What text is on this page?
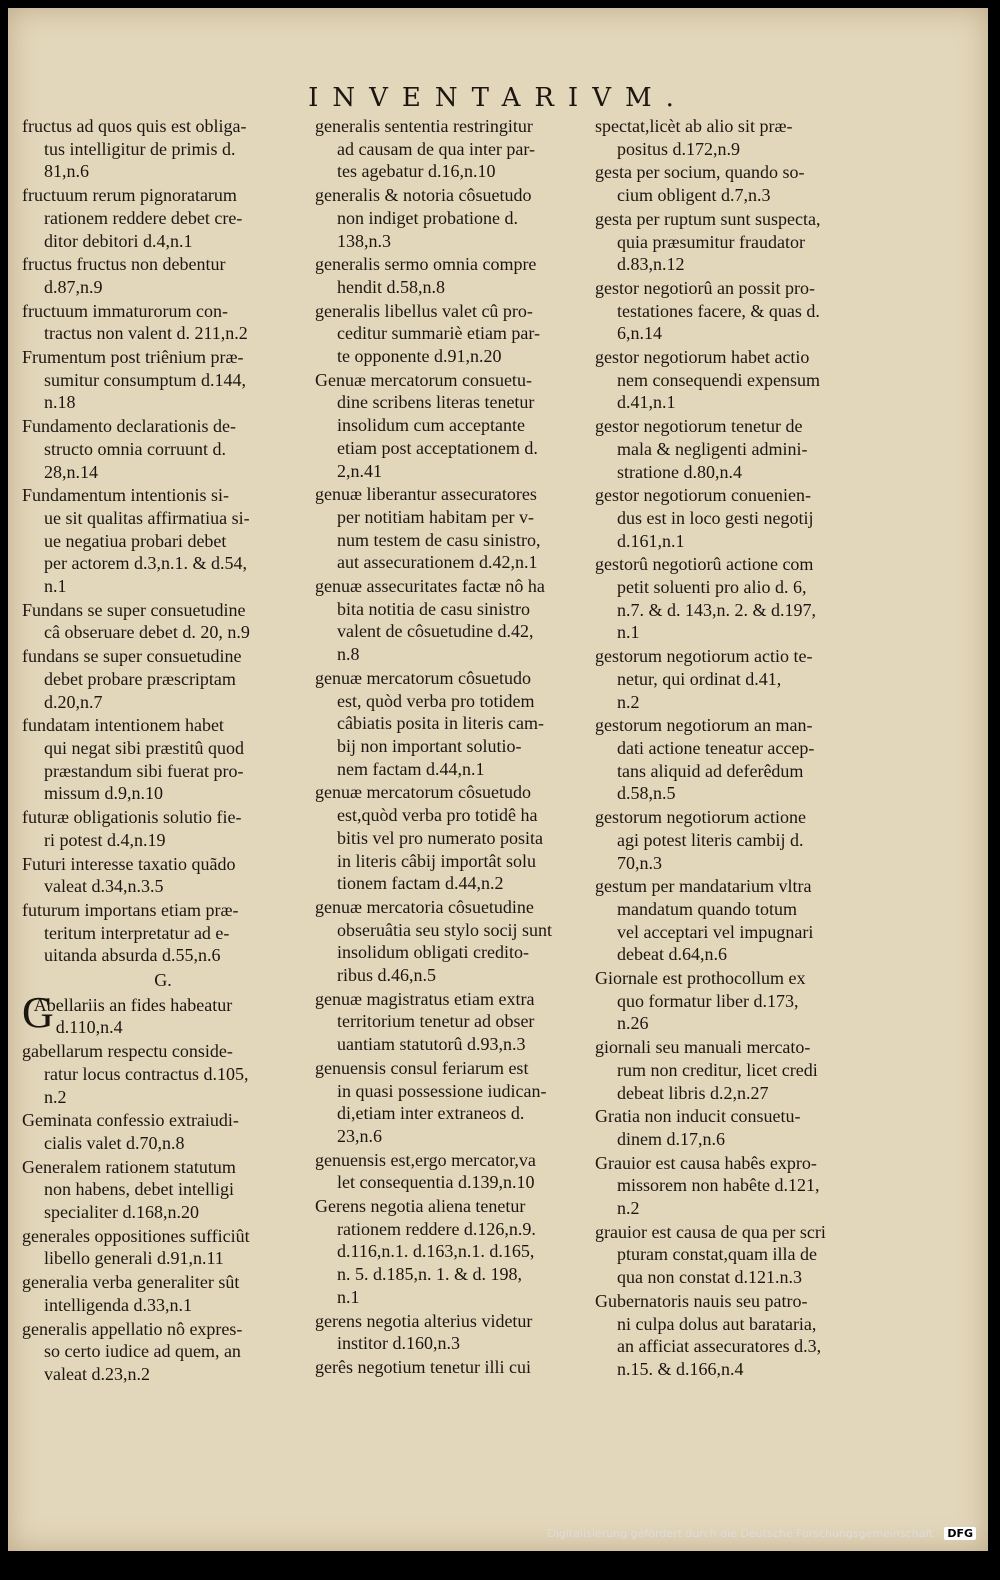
INVENTARIVM.
fructus ad quos quis est obliga-
tus intelligitur de primis d.
81,n.6
fructuum rerum pignoratarum
rationem reddere debet cre-
ditor debitori d.4,n.1
fructus fructus non debentur
d.87,n.9
fructuum immaturorum con-
tractus non valent d. 211,n.2
Frumentum post triênium præ-
sumitur consumptum d.144,
n.18
Fundamento declarationis de-
structo omnia corruunt d.
28,n.14
Fundamentum intentionis si-
ue sit qualitas affirmatiua si-
ue negatiua probari debet
per actorem d.3,n.1. & d.54,
n.1
Fundans se super consuetudine
câ obseruare debet d. 20, n.9
fundans se super consuetudine
debet probare præscriptam
d.20,n.7
fundatam intentionem habet
qui negat sibi præstitû quod
præstandum sibi fuerat pro-
missum d.9,n.10
futuræ obligationis solutio fie-
ri potest d.4,n.19
Futuri interesse taxatio quãdo
valeat d.34,n.3.5
futurum importans etiam præ-
teritum interpretatur ad e-
uitanda absurda d.55,n.6
G.
G
Abellariis an fides habeatur
d.110,n.4
gabellarum respectu conside-
ratur locus contractus d.105,
n.2
Geminata confessio extraiudi-
cialis valet d.70,n.8
Generalem rationem statutum
non habens, debet intelligi
specialiter d.168,n.20
generales oppositiones sufficiût
libello generali d.91,n.11
generalia verba generaliter sût
intelligenda d.33,n.1
generalis appellatio nô expres-
so certo iudice ad quem, an
valeat d.23,n.2
generalis sententia restringitur
ad causam de qua inter par-
tes agebatur d.16,n.10
generalis & notoria côsuetudo
non indiget probatione d.
138,n.3
generalis sermo omnia compre
hendit d.58,n.8
generalis libellus valet cû pro-
ceditur summariè etiam par-
te opponente d.91,n.20
Genuæ mercatorum consuetu-
dine scribens literas tenetur
insolidum cum acceptante
etiam post acceptationem d.
2,n.41
genuæ liberantur assecuratores
per notitiam habitam per v-
num testem de casu sinistro,
aut assecurationem d.42,n.1
genuæ assecuritates factæ nô ha
bita notitia de casu sinistro
valent de côsuetudine d.42,
n.8
genuæ mercatorum côsuetudo
est, quòd verba pro totidem
câbiatis posita in literis cam-
bij non important solutio-
nem factam d.44,n.1
genuæ mercatorum côsuetudo
est,quòd verba pro totidê ha
bitis vel pro numerato posita
in literis câbij importât solu
tionem factam d.44,n.2
genuæ mercatoria côsuetudine
obseruâtia seu stylo socij sunt
insolidum obligati credito-
ribus d.46,n.5
genuæ magistratus etiam extra
territorium tenetur ad obser
uantiam statutorû d.93,n.3
genuensis consul feriarum est
in quasi possessione iudican-
di,etiam inter extraneos d.
23,n.6
genuensis est,ergo mercator,va
let consequentia d.139,n.10
Gerens negotia aliena tenetur
rationem reddere d.126,n.9.
d.116,n.1. d.163,n.1. d.165,
n. 5. d.185,n. 1. & d. 198,
n.1
gerens negotia alterius videtur
institor d.160,n.3
gerês negotium tenetur illi cui
spectat,licèt ab alio sit præ-
positus d.172,n.9
gesta per socium, quando so-
cium obligent d.7,n.3
gesta per ruptum sunt suspecta,
quia præsumitur fraudator
d.83,n.12
gestor negotiorû an possit pro-
testationes facere, & quas d.
6,n.14
gestor negotiorum habet actio
nem consequendi expensum
d.41,n.1
gestor negotiorum tenetur de
mala & negligenti admini-
stratione d.80,n.4
gestor negotiorum conuenien-
dus est in loco gesti negotij
d.161,n.1
gestorû negotiorû actione com
petit soluenti pro alio d. 6,
n.7. & d. 143,n. 2. & d.197,
n.1
gestorum negotiorum actio te-
netur, qui ordinat d.41,
n.2
gestorum negotiorum an man-
dati actione teneatur accep-
tans aliquid ad deferêdum
d.58,n.5
gestorum negotiorum actione
agi potest literis cambij d.
70,n.3
gestum per mandatarium vltra
mandatum quando totum
vel acceptari vel impugnari
debeat d.64,n.6
Giornale est prothocollum ex
quo formatur liber d.173,
n.26
giornali seu manuali mercato-
rum non creditur, licet credi
debeat libris d.2,n.27
Gratia non inducit consuetu-
dinem d.17,n.6
Grauior est causa habês expro-
missorem non habête d.121,
n.2
grauior est causa de qua per scri
pturam constat,quam illa de
qua non constat d.121.n.3
Gubernatoris nauis seu patro-
ni culpa dolus aut barataria,
an afficiat assecuratores d.3,
n.15. & d.166,n.4
Digitalisierung gefördert durch die Deutsche Forschungsgemeinschaft · DFG
